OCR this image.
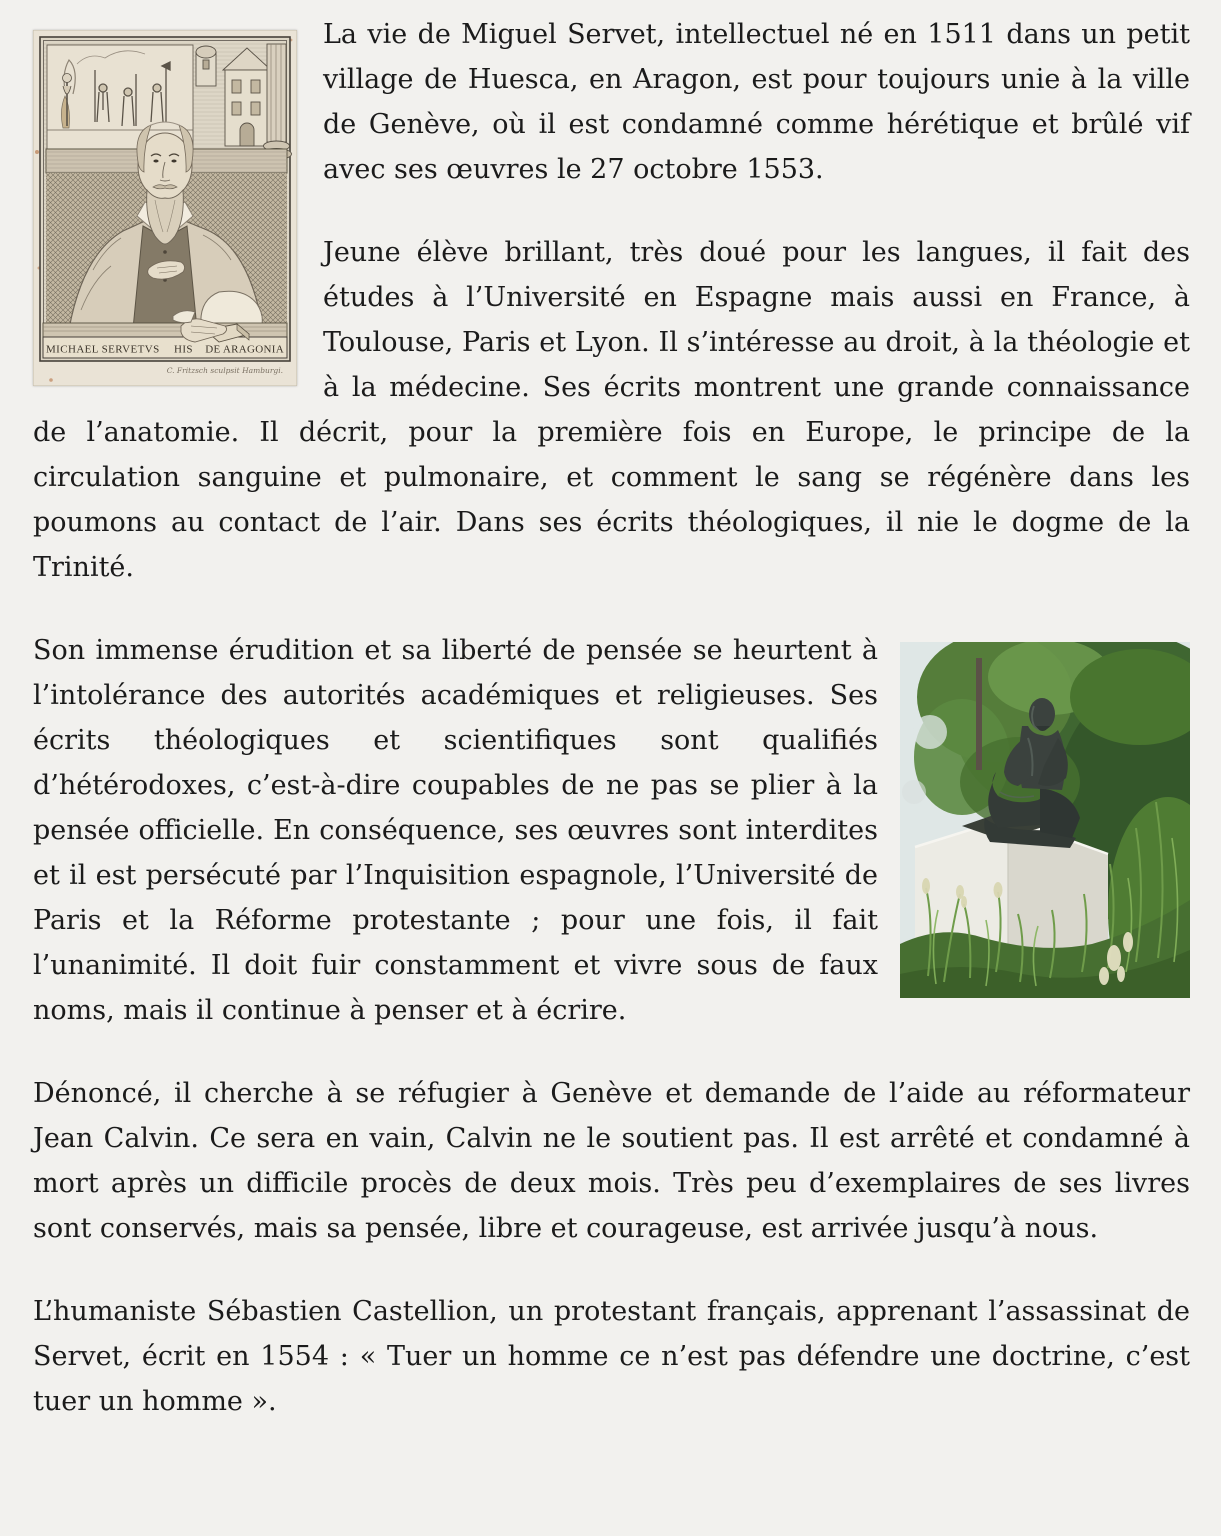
MICHAEL SERVETVS HIS DE ARAGONIA
C. Fritzsch sculpsit Hamburgi.

La vie de Miguel Servet, intellectuel né en 1511 dans un petit village de Huesca, en Aragon, est pour toujours unie à la ville de Genève, où il est condamné comme hérétique et brûlé vif avec ses œuvres le 27 octobre 1553.

Jeune élève brillant, très doué pour les langues, il fait des études à l’Université en Espagne mais aussi en France, à Toulouse, Paris et Lyon. Il s’intéresse au droit, à la théologie et à la médecine. Ses écrits montrent une grande connaissance de l’anatomie. Il décrit, pour la première fois en Europe, le principe de la circulation sanguine et pulmonaire, et comment le sang se régénère dans les poumons au contact de l’air. Dans ses écrits théologiques, il nie le dogme de la Trinité.

Son immense érudition et sa liberté de pensée se heurtent à l’intolérance des autorités académiques et religieuses. Ses écrits théologiques et scientifiques sont qualifiés d’hétérodoxes, c’est-à-dire coupables de ne pas se plier à la pensée officielle. En conséquence, ses œuvres sont interdites et il est persécuté par l’Inquisition espagnole, l’Université de Paris et la Réforme protestante ; pour une fois, il fait l’unanimité. Il doit fuir constamment et vivre sous de faux noms, mais il continue à penser et à écrire.

Dénoncé, il cherche à se réfugier à Genève et demande de l’aide au réformateur Jean Calvin. Ce sera en vain, Calvin ne le soutient pas. Il est arrêté et condamné à mort après un difficile procès de deux mois. Très peu d’exemplaires de ses livres sont conservés, mais sa pensée, libre et courageuse, est arrivée jusqu’à nous.

L’humaniste Sébastien Castellion, un protestant français, apprenant l’assassinat de Servet, écrit en 1554 : « Tuer un homme ce n’est pas défendre une doctrine, c’est tuer un homme ».
